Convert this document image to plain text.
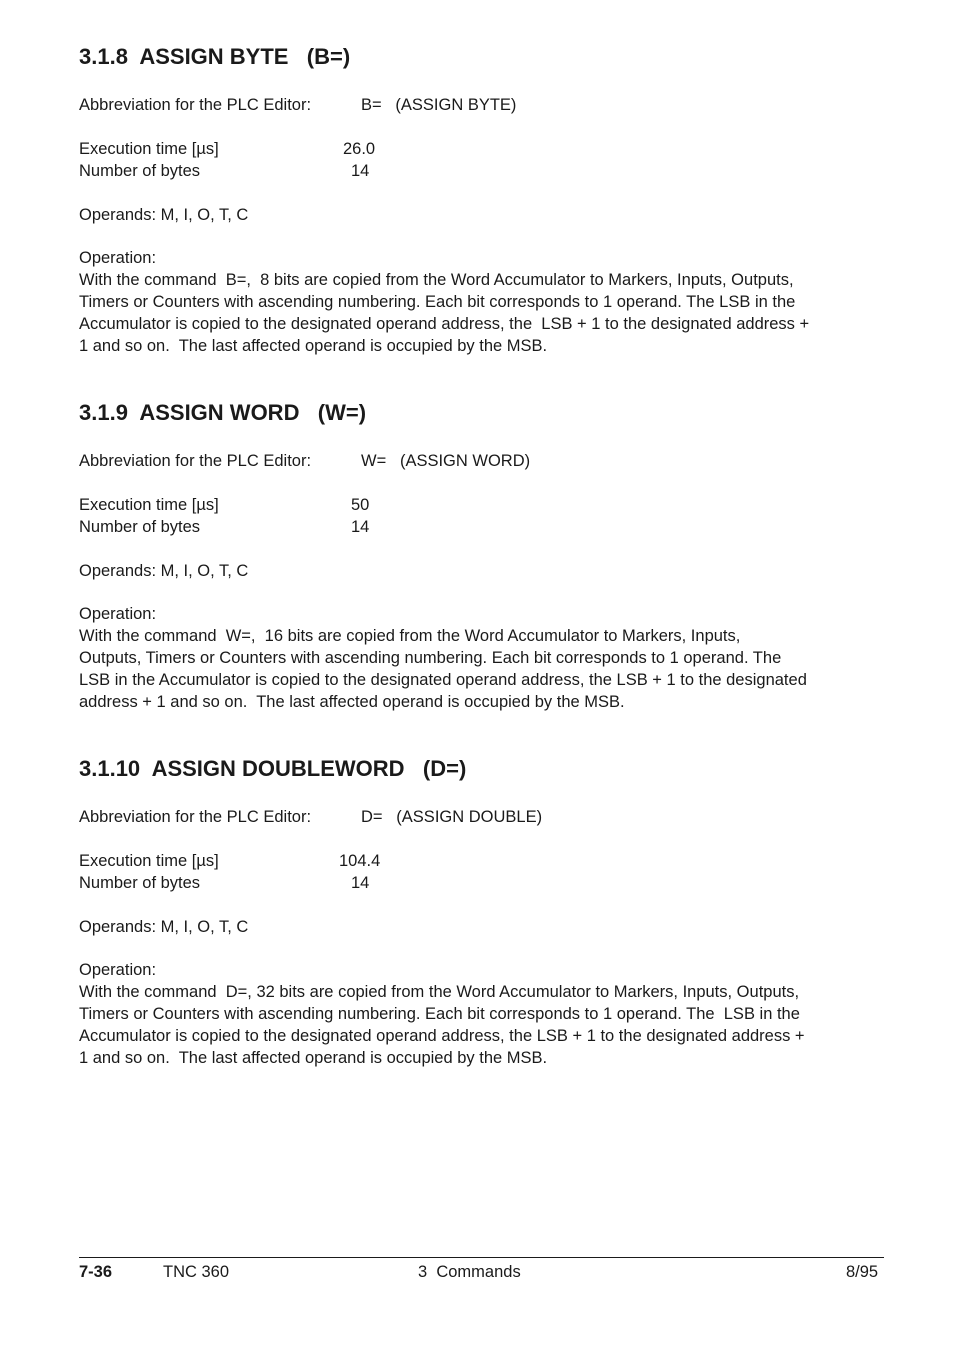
3.1.8  ASSIGN BYTE   (B=)
Abbreviation for the PLC Editor:	B=   (ASSIGN BYTE)
Execution time [µs]	26.0
Number of bytes	14
Operands: M, I, O, T, C
Operation:
With the command  B=,  8 bits are copied from the Word Accumulator to Markers, Inputs, Outputs,
Timers or Counters with ascending numbering. Each bit corresponds to 1 operand. The LSB in the
Accumulator is copied to the designated operand address, the  LSB + 1 to the designated address +
1 and so on.  The last affected operand is occupied by the MSB.
3.1.9  ASSIGN WORD   (W=)
Abbreviation for the PLC Editor:	W=   (ASSIGN WORD)
Execution time [µs]	50
Number of bytes	14
Operands: M, I, O, T, C
Operation:
With the command  W=,  16 bits are copied from the Word Accumulator to Markers, Inputs,
Outputs, Timers or Counters with ascending numbering. Each bit corresponds to 1 operand. The
LSB in the Accumulator is copied to the designated operand address, the LSB + 1 to the designated
address + 1 and so on.  The last affected operand is occupied by the MSB.
3.1.10  ASSIGN DOUBLEWORD   (D=)
Abbreviation for the PLC Editor:	D=   (ASSIGN DOUBLE)
Execution time [µs]	104.4
Number of bytes	14
Operands: M, I, O, T, C
Operation:
With the command  D=, 32 bits are copied from the Word Accumulator to Markers, Inputs, Outputs,
Timers or Counters with ascending numbering. Each bit corresponds to 1 operand. The  LSB in the
Accumulator is copied to the designated operand address, the LSB + 1 to the designated address +
1 and so on.  The last affected operand is occupied by the MSB.
7-36	TNC 360	3  Commands	8/95
